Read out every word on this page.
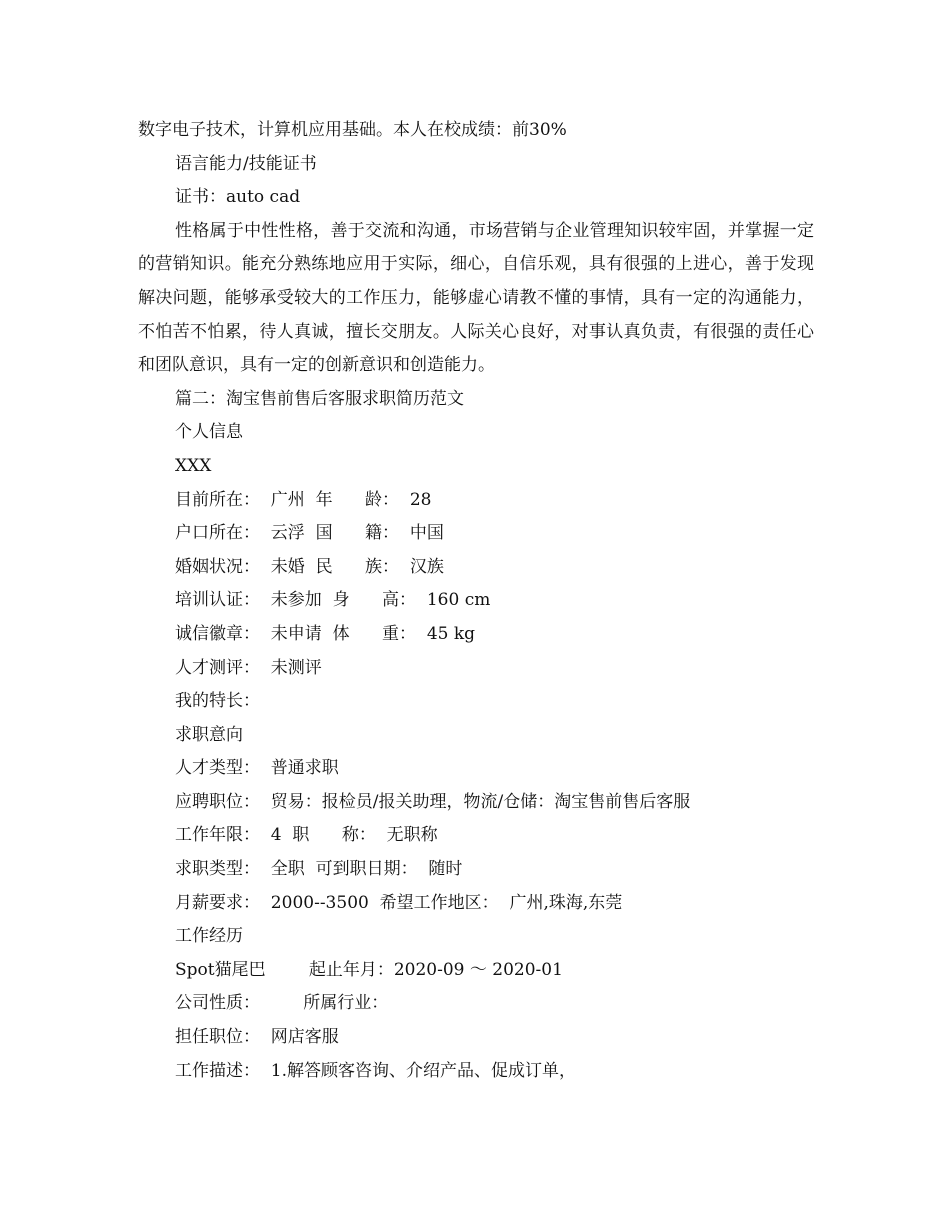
数字电子技术，计算机应用基础。本人在校成绩：前30%

语言能力/技能证书

证书：auto cad

性格属于中性性格，善于交流和沟通，市场营销与企业管理知识较牢固，并掌握一定的营销知识。能充分熟练地应用于实际，细心，自信乐观，具有很强的上进心，善于发现解决问题，能够承受较大的工作压力，能够虚心请教不懂的事情，具有一定的沟通能力，不怕苦不怕累，待人真诚，擅长交朋友。人际关心良好，对事认真负责，有很强的责任心和团队意识，具有一定的创新意识和创造能力。

篇二：淘宝售前售后客服求职简历范文

个人信息

XXX

目前所在：  广州  年      龄：  28

户口所在：  云浮  国      籍：  中国

婚姻状况：  未婚  民      族：  汉族

培训认证：  未参加  身      高：  160 cm

诚信徽章：  未申请  体      重：  45 kg

人才测评：  未测评

我的特长：

求职意向

人才类型：  普通求职

应聘职位：  贸易：报检员/报关助理，物流/仓储：淘宝售前售后客服

工作年限：  4  职      称：  无职称

求职类型：  全职  可到职日期：  随时

月薪要求：  2000--3500  希望工作地区：  广州,珠海,东莞

工作经历

Spot猫尾巴        起止年月：2020-09 ～ 2020-01

公司性质：        所属行业：

担任职位：  网店客服

工作描述：  1.解答顾客咨询、介绍产品、促成订单，
